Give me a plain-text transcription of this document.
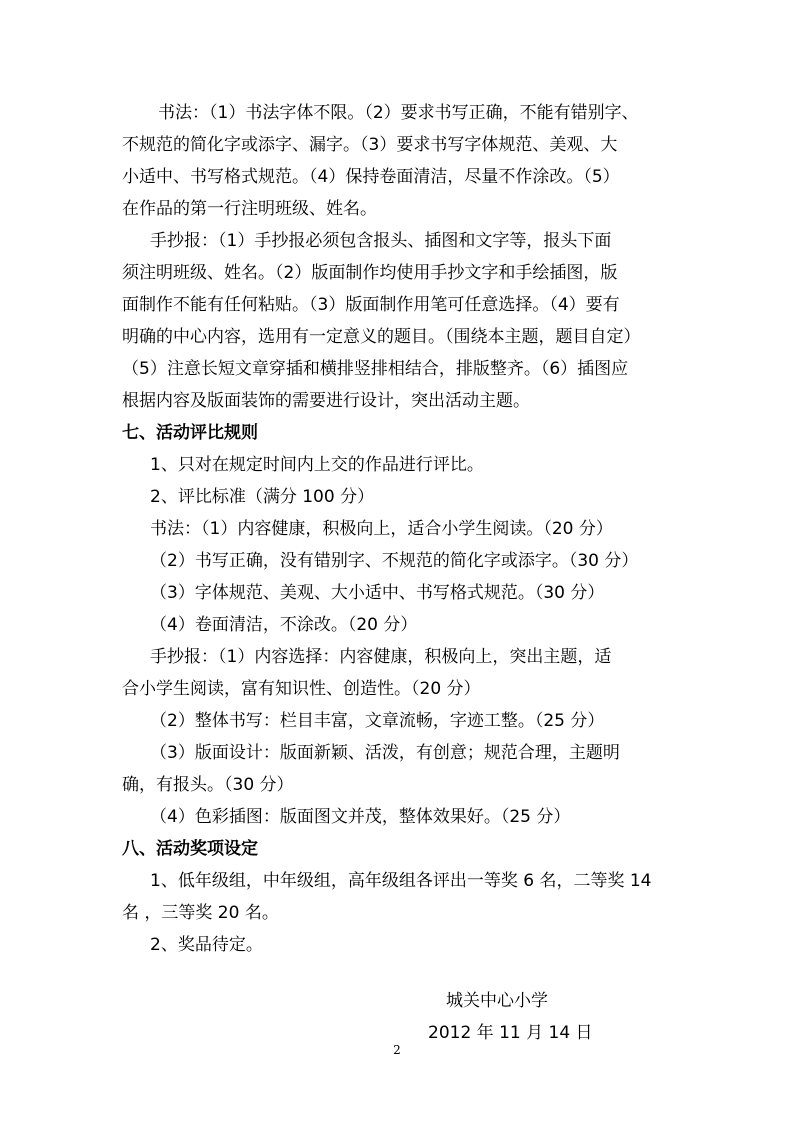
书法：（1）书法字体不限。（2）要求书写正确，不能有错别字、
不规范的简化字或添字、漏字。（3）要求书写字体规范、美观、大
小适中、书写格式规范。（4）保持卷面清洁，尽量不作涂改。（5）
在作品的第一行注明班级、姓名。
手抄报：（1）手抄报必须包含报头、插图和文字等，报头下面
须注明班级、姓名。（2）版面制作均使用手抄文字和手绘插图，版
面制作不能有任何粘贴。（3）版面制作用笔可任意选择。（4）要有
明确的中心内容，选用有一定意义的题目。（围绕本主题，题目自定）
（5）注意长短文章穿插和横排竖排相结合，排版整齐。（6）插图应
根据内容及版面装饰的需要进行设计，突出活动主题。
七、活动评比规则
1、只对在规定时间内上交的作品进行评比。
2、评比标准（满分 100 分）
书法：（1）内容健康，积极向上，适合小学生阅读。（20 分）
（2）书写正确，没有错别字、不规范的简化字或添字。（30 分）
（3）字体规范、美观、大小适中、书写格式规范。（30 分）
（4）卷面清洁，不涂改。（20 分）
手抄报：（1）内容选择：内容健康，积极向上，突出主题，适
合小学生阅读，富有知识性、创造性。（20 分）
（2）整体书写：栏目丰富，文章流畅，字迹工整。（25 分）
（3）版面设计：版面新颖、活泼，有创意；规范合理，主题明
确，有报头。（30 分）
（4）色彩插图：版面图文并茂，整体效果好。（25 分）
八、活动奖项设定
1、低年级组，中年级组，高年级组各评出一等奖 6 名，二等奖 14
名 ，三等奖 20 名。
2、奖品待定。
城关中心小学
2012 年 11 月 14 日
2
